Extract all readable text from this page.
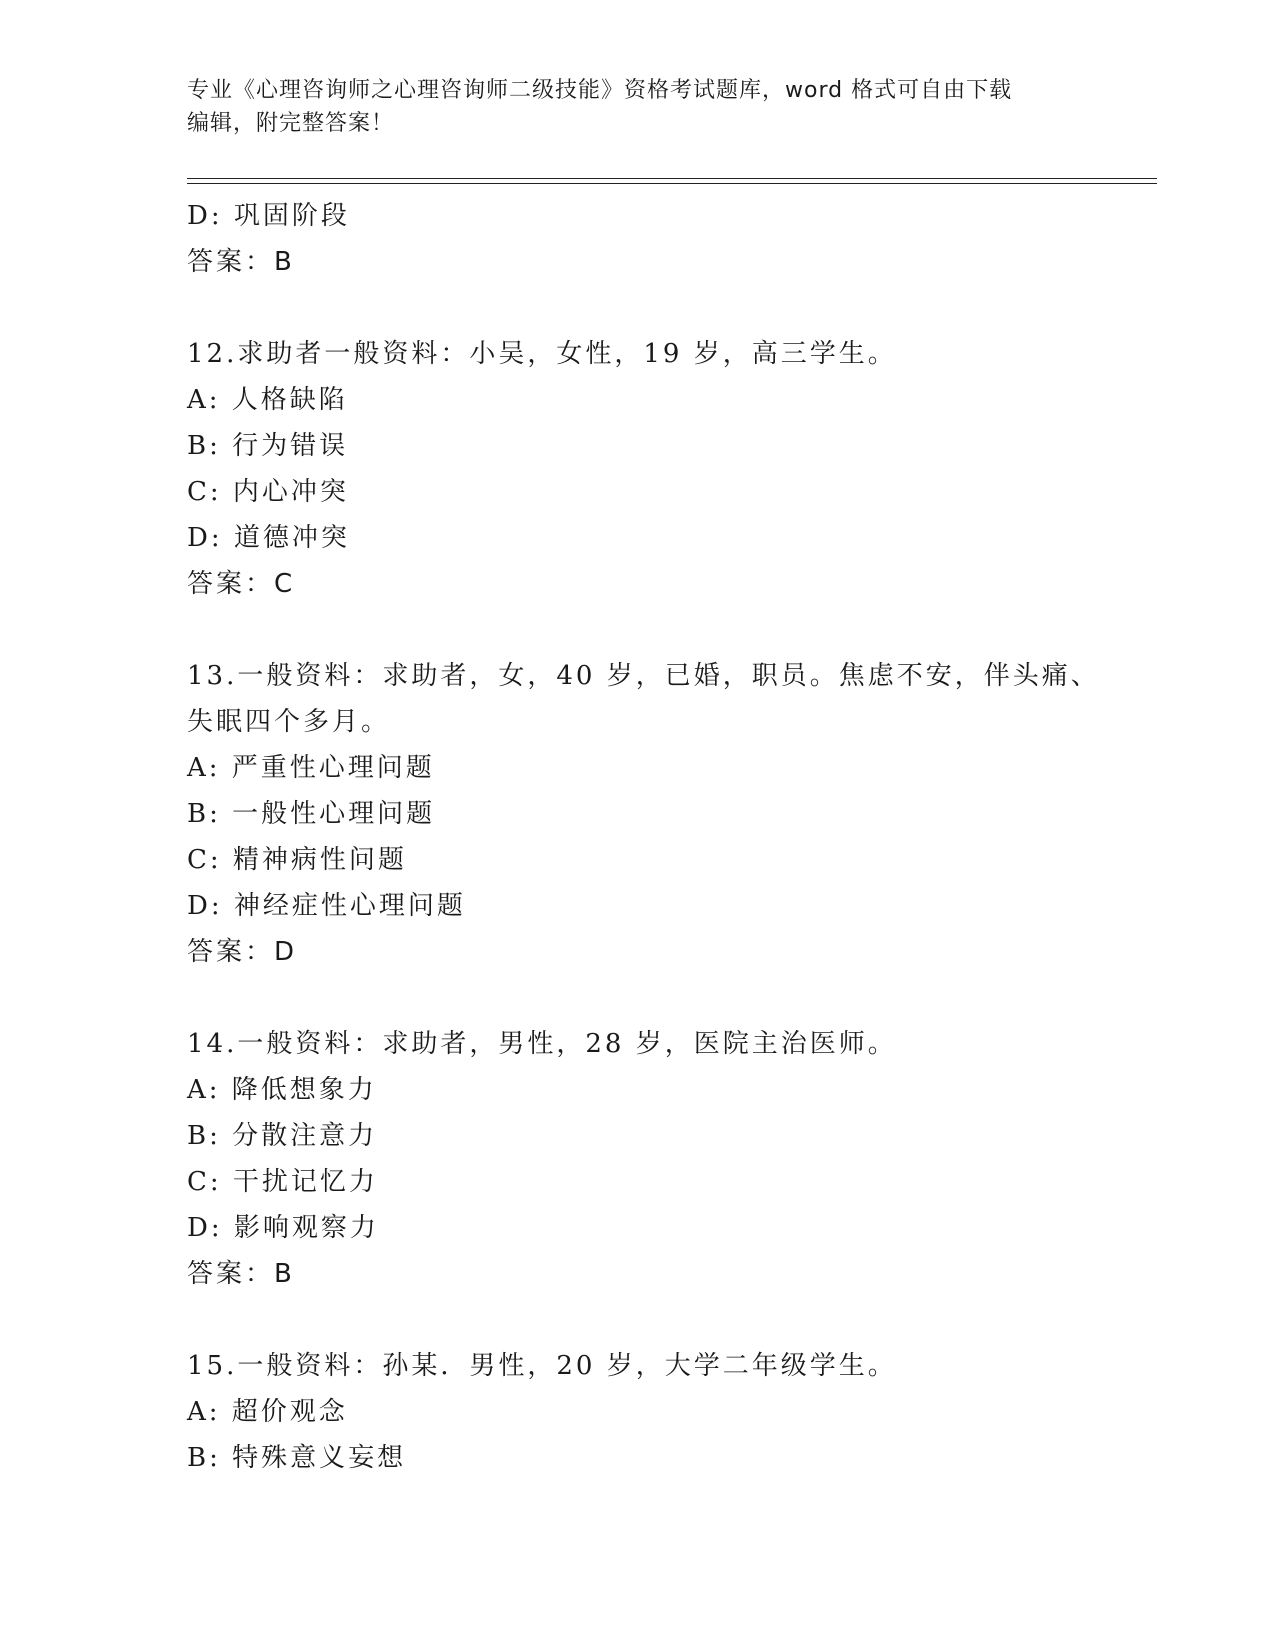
专业《心理咨询师之心理咨询师二级技能》资格考试题库，word 格式可自由下载
编辑，附完整答案！
D: 巩固阶段
答案：B
12.求助者一般资料：小吴，女性，19 岁，高三学生。
A: 人格缺陷
B: 行为错误
C: 内心冲突
D: 道德冲突
答案：C
13.一般资料：求助者，女，40 岁，已婚，职员。焦虑不安，伴头痛、
失眠四个多月。
A: 严重性心理问题
B: 一般性心理问题
C: 精神病性问题
D: 神经症性心理问题
答案：D
14.一般资料：求助者，男性，28 岁，医院主治医师。
A: 降低想象力
B: 分散注意力
C: 干扰记忆力
D: 影响观察力
答案：B
15.一般资料：孙某．男性，20 岁，大学二年级学生。
A: 超价观念
B: 特殊意义妄想
